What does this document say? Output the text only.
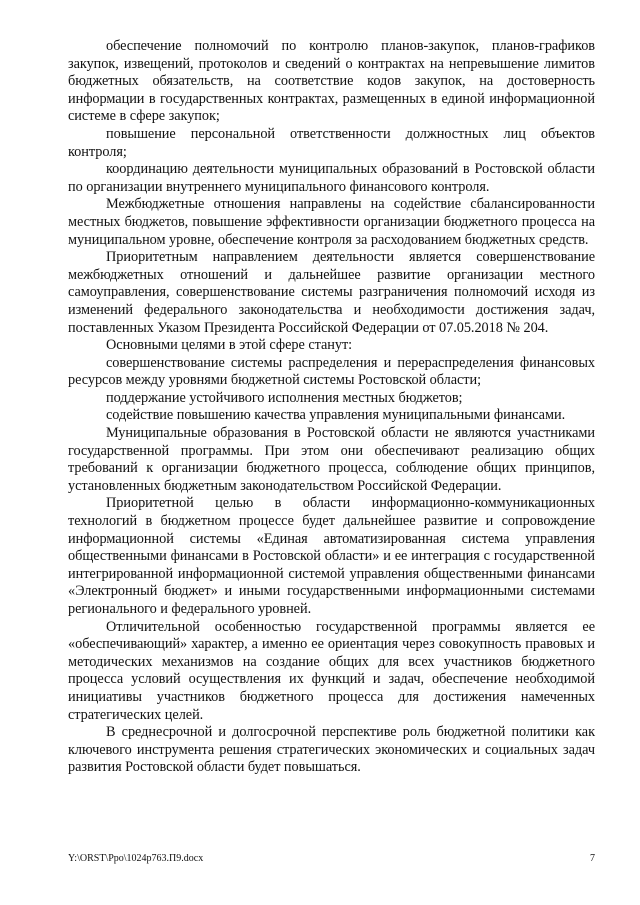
обеспечение полномочий по контролю планов-закупок, планов-графиков закупок, извещений, протоколов и сведений о контрактах на непревышение лимитов бюджетных обязательств, на соответствие кодов закупок, на достоверность информации в государственных контрактах, размещенных в единой информационной системе в сфере закупок;

повышение персональной ответственности должностных лиц объектов контроля;

координацию деятельности муниципальных образований в Ростовской области по организации внутреннего муниципального финансового контроля.

Межбюджетные отношения направлены на содействие сбалансированности местных бюджетов, повышение эффективности организации бюджетного процесса на муниципальном уровне, обеспечение контроля за расходованием бюджетных средств.

Приоритетным направлением деятельности является совершенствование межбюджетных отношений и дальнейшее развитие организации местного самоуправления, совершенствование системы разграничения полномочий исходя из изменений федерального законодательства и необходимости достижения задач, поставленных Указом Президента Российской Федерации от 07.05.2018 № 204.

Основными целями в этой сфере станут:

совершенствование системы распределения и перераспределения финансовых ресурсов между уровнями бюджетной системы Ростовской области;

поддержание устойчивого исполнения местных бюджетов;

содействие повышению качества управления муниципальными финансами.

Муниципальные образования в Ростовской области не являются участниками государственной программы. При этом они обеспечивают реализацию общих требований к организации бюджетного процесса, соблюдение общих принципов, установленных бюджетным законодательством Российской Федерации.

Приоритетной целью в области информационно-коммуникационных технологий в бюджетном процессе будет дальнейшее развитие и сопровождение информационной системы «Единая автоматизированная система управления общественными финансами в Ростовской области» и ее интеграция с государственной интегрированной информационной системой управления общественными финансами «Электронный бюджет» и иными государственными информационными системами регионального и федерального уровней.

Отличительной особенностью государственной программы является ее «обеспечивающий» характер, а именно ее ориентация через совокупность правовых и методических механизмов на создание общих для всех участников бюджетного процесса условий осуществления их функций и задач, обеспечение необходимой инициативы участников бюджетного процесса для достижения намеченных стратегических целей.

В среднесрочной и долгосрочной перспективе роль бюджетной политики как ключевого инструмента решения стратегических экономических и социальных задач развития Ростовской области будет повышаться.

Y:\ORST\Ppo\1024p763.П9.docx	7
